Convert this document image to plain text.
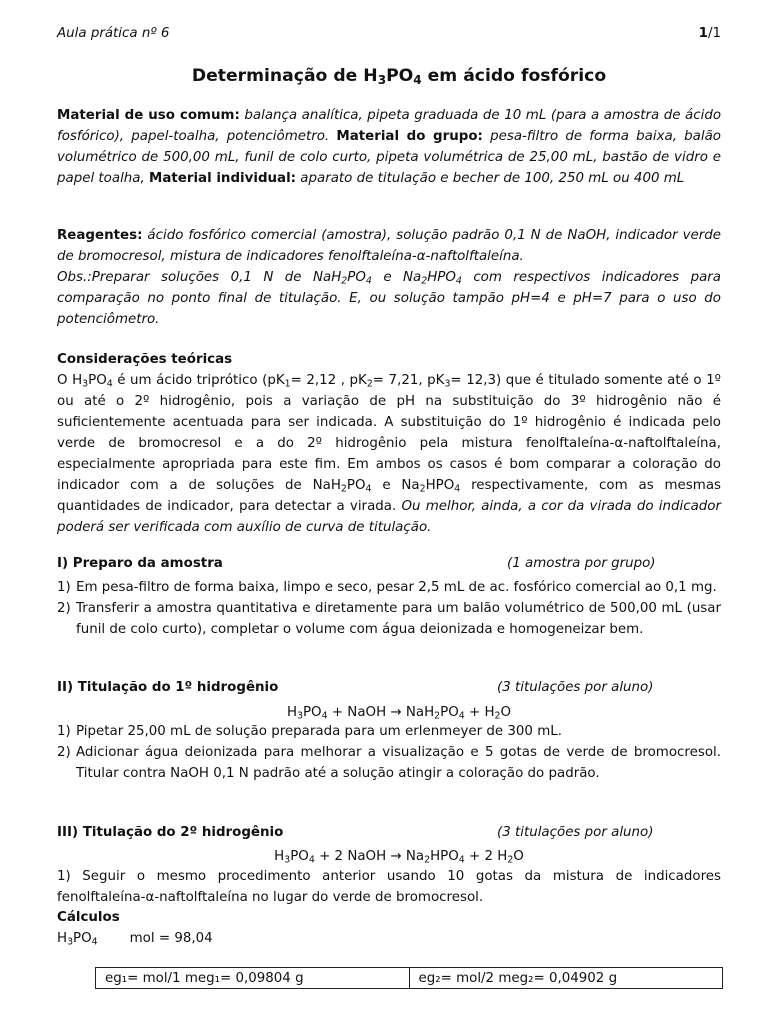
Aula prática nº 6	1/1
Determinação de $H_3PO_4$ em ácido fosfórico

Material de uso comum: balança analítica, pipeta graduada de 10 mL (para a amostra de ácido fosfórico), papel-toalha, potenciômetro. Material do grupo: pesa-filtro de forma baixa, balão volumétrico de 500,00 mL, funil de colo curto, pipeta volumétrica de 25,00 mL, bastão de vidro e papel toalha, Material individual: aparato de titulação e becher de 100, 250 mL ou 400 mL

Reagentes: ácido fosfórico comercial (amostra), solução padrão 0,1 N de NaOH, indicador verde de bromocresol, mistura de indicadores fenolftaleína-α-naftolftaleína.
Obs.:Preparar soluções 0,1 N de $NaH_2PO_4$ e $Na_2HPO_4$ com respectivos indicadores para comparação no ponto final de titulação. E, ou solução tampão pH=4 e pH=7 para o uso do potenciômetro.

Considerações teóricas

O $H_3PO_4$ é um ácido triprótico ($pK_1= 2,12$ , $pK_2= 7,21$, $pK_3= 12,3$) que é titulado somente até o 1º ou até o 2º hidrogênio, pois a variação de pH na substituição do 3º hidrogênio não é suficientemente acentuada para ser indicada. A substituição do 1º hidrogênio é indicada pelo verde de bromocresol e a do 2º hidrogênio pela mistura fenolftaleína-α-naftolftaleína, especialmente apropriada para este fim. Em ambos os casos é bom comparar a coloração do indicador com a de soluções de $NaH_2PO_4$ e $Na_2HPO_4$ respectivamente, com as mesmas quantidades de indicador, para detectar a virada. Ou melhor, ainda, a cor da virada do indicador poderá ser verificada com auxílio de curva de titulação.

I) Preparo da amostra	(1 amostra por grupo)
1) Em pesa-filtro de forma baixa, limpo e seco, pesar 2,5 mL de ac. fosfórico comercial ao 0,1 mg.
2) Transferir a amostra quantitativa e diretamente para um balão volumétrico de 500,00 mL (usar funil de colo curto), completar o volume com água deionizada e homogeneizar bem.
II) Titulação do 1º hidrogênio	(3 titulações por aluno)
$H_3PO_4$ + NaOH → $NaH_2PO_4 + H_2O$
1) Pipetar 25,00 mL de solução preparada para um erlenmeyer de 300 mL.
2) Adicionar água deionizada para melhorar a visualização e 5 gotas de verde de bromocresol. Titular contra NaOH 0,1 N padrão até a solução atingir a coloração do padrão.
III) Titulação do 2º hidrogênio	(3 titulações por aluno)
$H_3PO_4 + 2$ NaOH → $Na_2HPO_4 + 2$ $H_2O$

1) Seguir o mesmo procedimento anterior usando 10 gotas da mistura de indicadores fenolftaleína-α-naftolftaleína no lugar do verde de bromocresol.

Cálculos
$H_3PO_4$ mol = 98,04
eg₁= mol/1 meg₁= 0,09804 g	eg₂= mol/2 meg₂= 0,04902 g
